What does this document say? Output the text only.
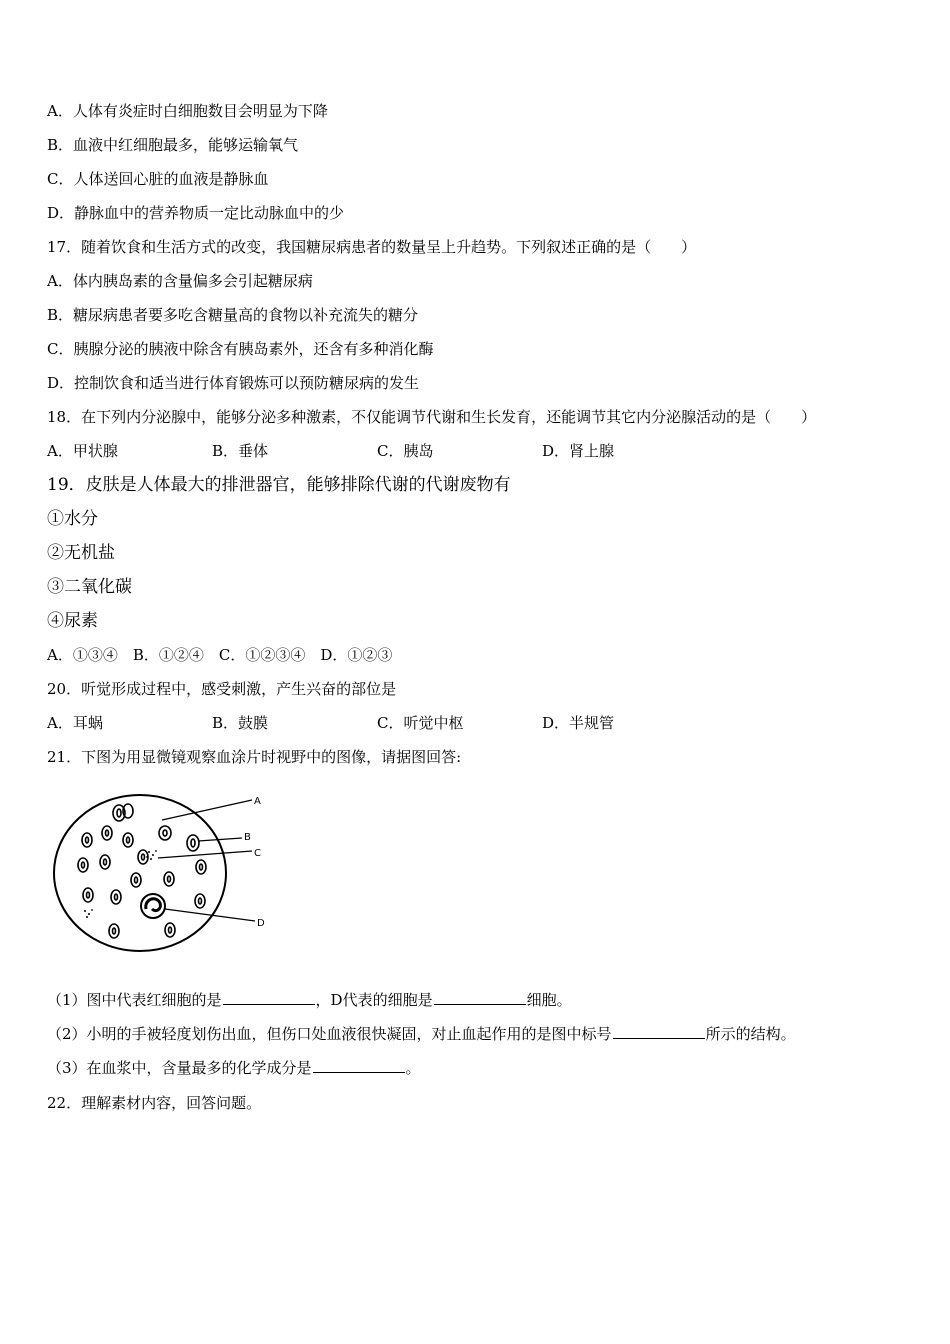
A．人体有炎症时白细胞数目会明显为下降
B．血液中红细胞最多，能够运输氧气
C．人体送回心脏的血液是静脉血
D．静脉血中的营养物质一定比动脉血中的少
17．随着饮食和生活方式的改变，我国糖尿病患者的数量呈上升趋势。下列叙述正确的是（　　）
A．体内胰岛素的含量偏多会引起糖尿病
B．糖尿病患者要多吃含糖量高的食物以补充流失的糖分
C．胰腺分泌的胰液中除含有胰岛素外，还含有多种消化酶
D．控制饮食和适当进行体育锻炼可以预防糖尿病的发生
18．在下列内分泌腺中，能够分泌多种激素，不仅能调节代谢和生长发育，还能调节其它内分泌腺活动的是（　　）
A．甲状腺	B．垂体	C．胰岛	D．肾上腺
19．皮肤是人体最大的排泄器官，能够排除代谢的代谢废物有
①水分
②无机盐
③二氧化碳
④尿素
A．①③④　B．①②④　C．①②③④　D．①②③
20．听觉形成过程中，感受刺激，产生兴奋的部位是
A．耳蜗	B．鼓膜	C．听觉中枢	D．半规管
21．下图为用显微镜观察血涂片时视野中的图像，请据图回答:
A
B
C
D
（1）图中代表红细胞的是	，D代表的细胞是	细胞。
（2）小明的手被轻度划伤出血，但伤口处血液很快凝固，对止血起作用的是图中标号	所示的结构。
（3）在血浆中，含量最多的化学成分是	。
22．理解素材内容，回答问题。
